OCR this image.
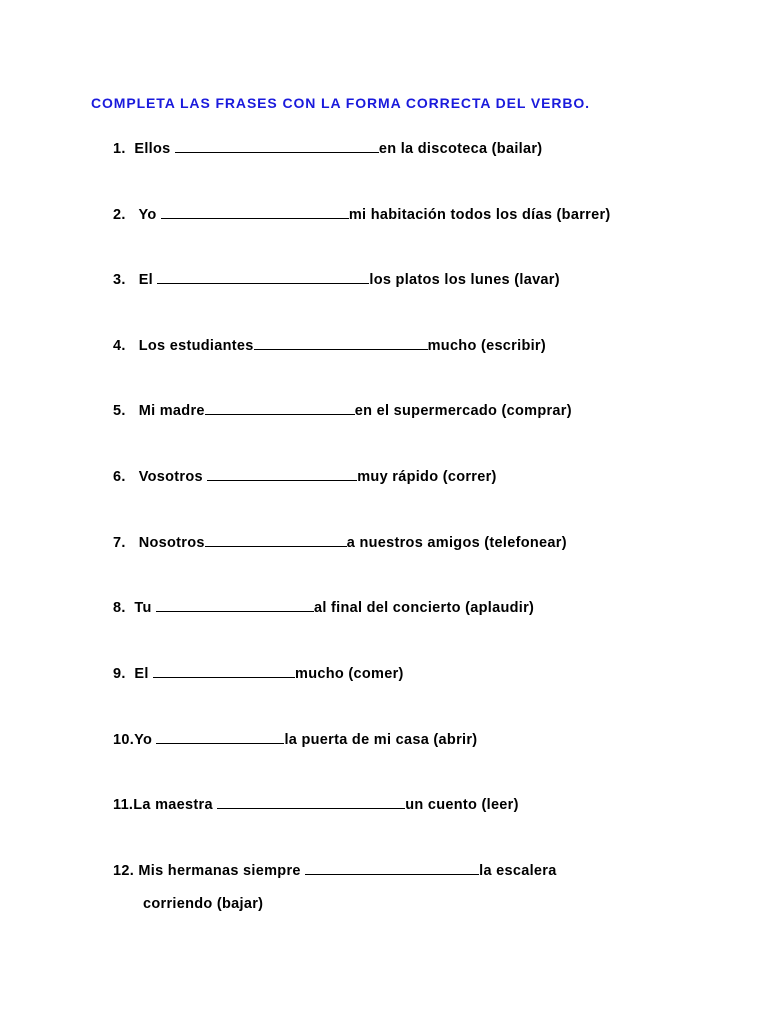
COMPLETA LAS FRASES CON LA FORMA CORRECTA DEL VERBO.
1. Ellos	en la discoteca (bailar)
2. Yo	mi habitación todos los días (barrer)
3. El	los platos los lunes (lavar)
4. Los estudiantes	mucho (escribir)
5. Mi madre	en el supermercado (comprar)
6. Vosotros	muy rápido (correr)
7. Nosotros	a nuestros amigos (telefonear)
8. Tu	al final del concierto (aplaudir)
9. El	mucho (comer)
10.Yo	la puerta de mi casa (abrir)
11.La maestra	un cuento (leer)
12. Mis hermanas siempre	la escalera
corriendo (bajar)
